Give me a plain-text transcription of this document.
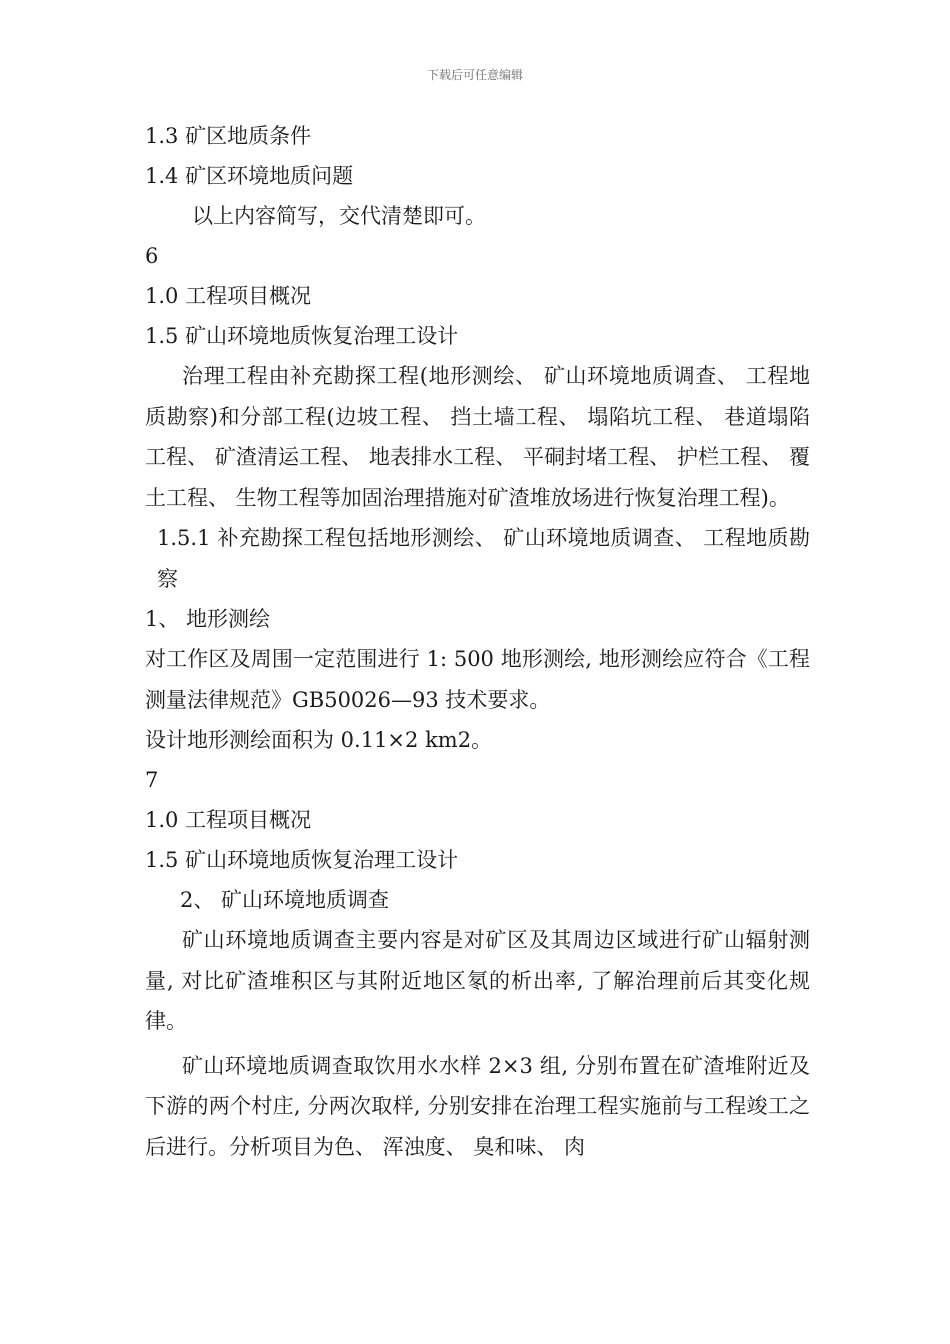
下载后可任意编辑

1.3 矿区地质条件

1.4 矿区环境地质问题

以上内容简写，交代清楚即可。

6

1.0 工程项目概况

1.5 矿山环境地质恢复治理工设计

治理工程由补充勘探工程(地形测绘、 矿山环境地质调查、 工程地质勘察)和分部工程(边坡工程、 挡土墙工程、 塌陷坑工程、 巷道塌陷工程、 矿渣清运工程、 地表排水工程、 平硐封堵工程、 护栏工程、 覆土工程、 生物工程等加固治理措施对矿渣堆放场进行恢复治理工程)。

1.5.1 补充勘探工程包括地形测绘、 矿山环境地质调查、 工程地质勘察

1、 地形测绘

对工作区及周围一定范围进行 1: 500 地形测绘, 地形测绘应符合《工程测量法律规范》GB50026—93 技术要求。

设计地形测绘面积为 0.11×2 km2。

7

1.0 工程项目概况

1.5 矿山环境地质恢复治理工设计

2、 矿山环境地质调查

矿山环境地质调查主要内容是对矿区及其周边区域进行矿山辐射测量, 对比矿渣堆积区与其附近地区氡的析出率, 了解治理前后其变化规律。

矿山环境地质调查取饮用水水样 2×3 组, 分别布置在矿渣堆附近及下游的两个村庄, 分两次取样, 分别安排在治理工程实施前与工程竣工之后进行。分析项目为色、 浑浊度、 臭和味、 肉
